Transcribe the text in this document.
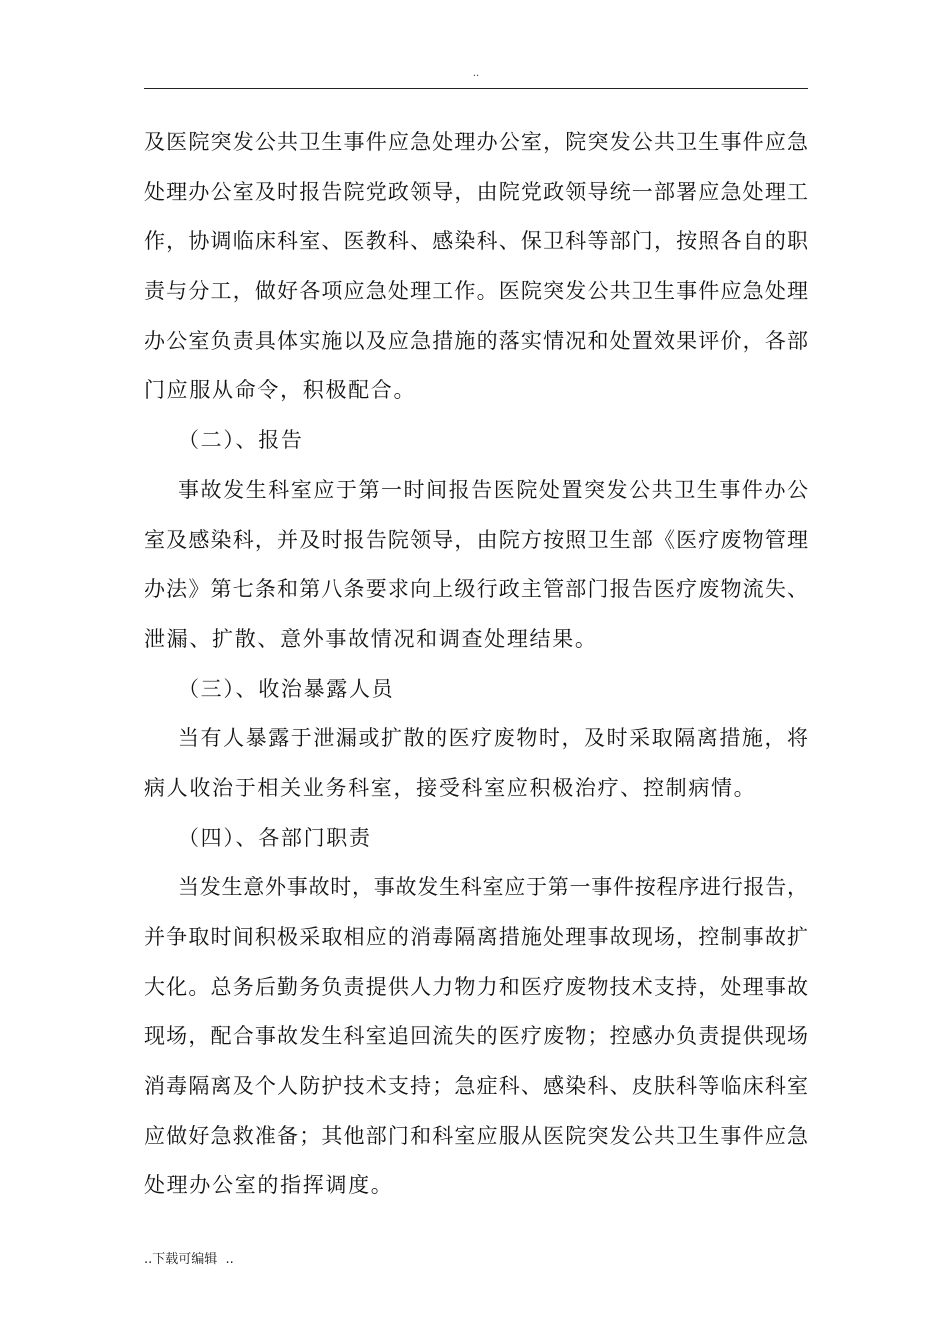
..
及医院突发公共卫生事件应急处理办公室，院突发公共卫生事件应急
处理办公室及时报告院党政领导，由院党政领导统一部署应急处理工
作，协调临床科室、医教科、感染科、保卫科等部门，按照各自的职
责与分工，做好各项应急处理工作。医院突发公共卫生事件应急处理
办公室负责具体实施以及应急措施的落实情况和处置效果评价，各部
门应服从命令，积极配合。
（二）、报告
事故发生科室应于第一时间报告医院处置突发公共卫生事件办公
室及感染科，并及时报告院领导，由院方按照卫生部《医疗废物管理
办法》第七条和第八条要求向上级行政主管部门报告医疗废物流失、
泄漏、扩散、意外事故情况和调查处理结果。
（三）、收治暴露人员
当有人暴露于泄漏或扩散的医疗废物时，及时采取隔离措施，将
病人收治于相关业务科室，接受科室应积极治疗、控制病情。
（四）、各部门职责
当发生意外事故时，事故发生科室应于第一事件按程序进行报告，
并争取时间积极采取相应的消毒隔离措施处理事故现场，控制事故扩
大化。总务后勤务负责提供人力物力和医疗废物技术支持，处理事故
现场，配合事故发生科室追回流失的医疗废物；控感办负责提供现场
消毒隔离及个人防护技术支持；急症科、感染科、皮肤科等临床科室
应做好急救准备；其他部门和科室应服从医院突发公共卫生事件应急
处理办公室的指挥调度。
..下载可编辑  ..
